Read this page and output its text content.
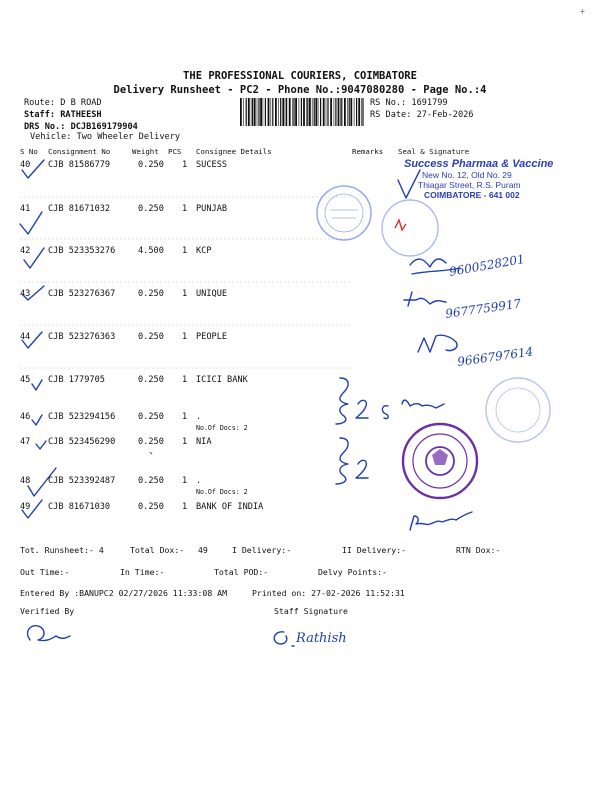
THE PROFESSIONAL COURIERS, COIMBATORE
Delivery Runsheet - PC2 - Phone No.:9047080280 - Page No.:4
Route: D B ROAD
Staff: RATHEESH
DRS No.: DCJB169179904
Vehicle: Two Wheeler Delivery
RS No.: 1691799
RS Date: 27-Feb-2026
S No Consignment No	Weight PCS Consignee Details	Remarks Seal & Signature
40 CJB 81586779	0.250 1 SUCESS
41 CJB 81671032	0.250 1 PUNJAB
42 CJB 523353276	4.500 1 KCP
43 CJB 523276367	0.250 1 UNIQUE
44 CJB 523276363	0.250 1 PEOPLE
45 CJB 1779705	0.250 1 ICICI BANK
46 CJB 523294156	0.250 1 .
No.Of Docs: 2
47 CJB 523456290	0.250 1 NIA
48 CJB 523392487	0.250 1 .
No.Of Docs: 2
49 CJB 81671030	0.250 1 BANK OF INDIA
Success Pharmaa & Vaccine
New No. 12, Old No. 29
Thiagar Street, R.S. Puram
COIMBATORE - 641 002
9600528201
9677759917
9666797614
Rathish
÷
Tot. Runsheet:- 4	Total Dox:- 49	I Delivery:-	II Delivery:-	RTN Dox:-
Out Time:-	In Time:-	Total POD:-	Delvy Points:-
Entered By :BANUPC2 02/27/2026 11:33:08 AM	Printed on: 27-02-2026 11:52:31
Verified By	Staff Signature
